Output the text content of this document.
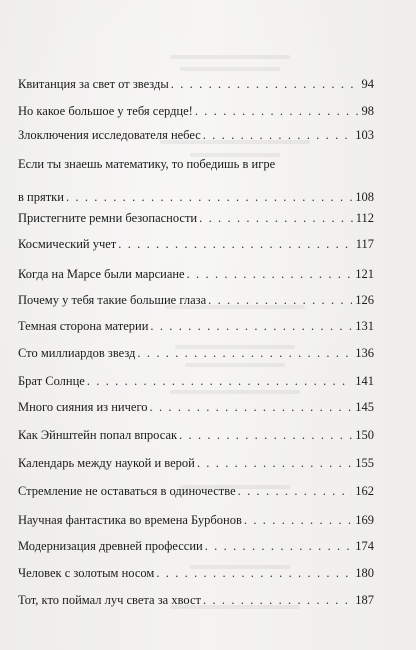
Квитанция за свет от звезды . . .	94
Но какое большое у тебя сердце! . . .	98
Злоключения исследователя небес . . .	103
Если ты знаешь математику, то победишь в игре
в прятки . . .	108
Пристегните ремни безопасности . . .	112
Космический учет . . .	117
Когда на Марсе были марсиане . . .	121
Почему у тебя такие большие глаза . . .	126
Темная сторона материи . . .	131
Сто миллиардов звезд . . .	136
Брат Солнце . . .	141
Много сияния из ничего . . .	145
Как Эйнштейн попал впросак . . .	150
Календарь между наукой и верой . . .	155
Стремление не оставаться в одиночестве . . .	162
Научная фантастика во времена Бурбонов . . .	169
Модернизация древней профессии . . .	174
Человек с золотым носом . . .	180
Тот, кто поймал луч света за хвост . . .	187
